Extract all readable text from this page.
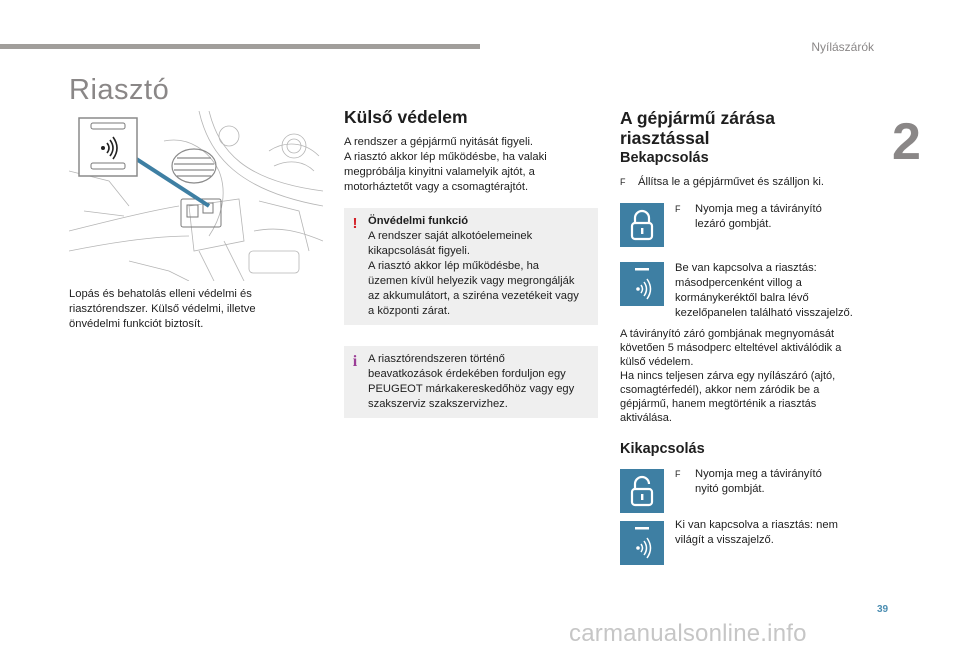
Nyílászárók
2
Riasztó
Lopás és behatolás elleni védelmi és
riasztórendszer. Külső védelmi, illetve
önvédelmi funkciót biztosít.
Külső védelem
A rendszer a gépjármű nyitását figyeli.
A riasztó akkor lép működésbe, ha valaki
megpróbálja kinyitni valamelyik ajtót, a
motorháztetőt vagy a csomagtérajtót.
! Önvédelmi funkció
A rendszer saját alkotóelemeinek
kikapcsolását figyeli.
A riasztó akkor lép működésbe, ha
üzemen kívül helyezik vagy megrongálják
az akkumulátort, a sziréna vezetékeit vagy
a központi zárat.
i A riasztórendszeren történő
beavatkozások érdekében forduljon egy
PEUGEOT márkakereskedőhöz vagy egy
szakszerviz szakszervizhez.
A gépjármű zárása
riasztással
Bekapcsolás
F	Állítsa le a gépjárművet és szálljon ki.
F	Nyomja meg a távirányító
lezáró gombját.
Be van kapcsolva a riasztás:
másodpercenként villog a
kormánykeréktől balra lévő
kezelőpanelen található visszajelző.
A távirányító záró gombjának megnyomását
követően 5 másodperc elteltével aktiválódik a
külső védelem.
Ha nincs teljesen zárva egy nyílászáró (ajtó,
csomagtérfedél), akkor nem záródik be a
gépjármű, hanem megtörténik a riasztás
aktiválása.
Kikapcsolás
F	Nyomja meg a távirányító
nyitó gombját.
Ki van kapcsolva a riasztás: nem
világít a visszajelző.
39
carmanualsonline.info
